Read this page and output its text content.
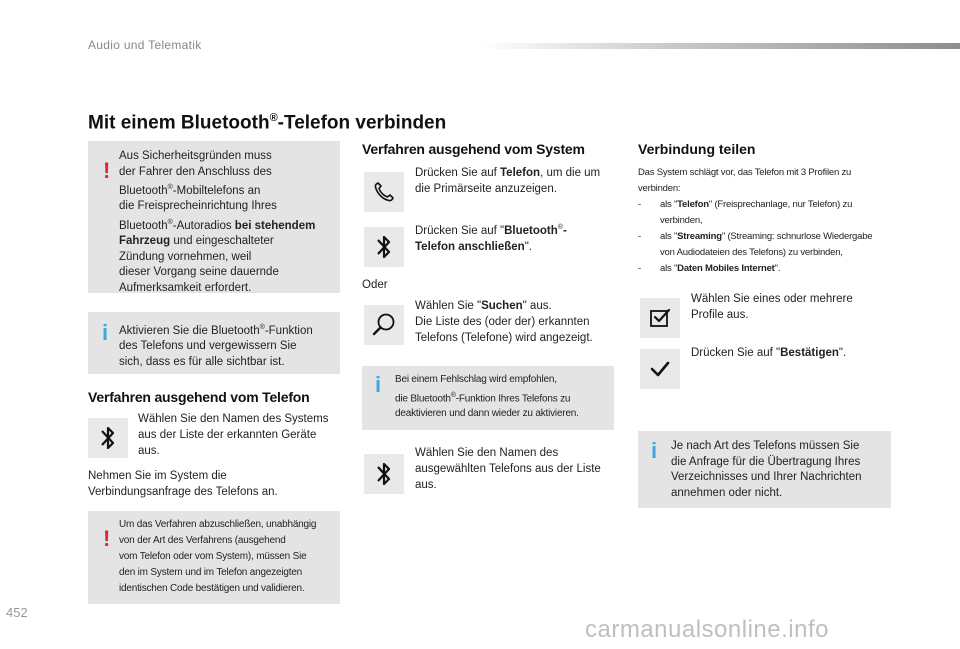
Audio und Telematik
Mit einem Bluetooth®-Telefon verbinden
!
Aus Sicherheitsgründen muss
der Fahrer den Anschluss des
Bluetooth®-Mobiltelefons an
die Freisprecheinrichtung Ihres
Bluetooth®-Autoradios bei stehendem
Fahrzeug und eingeschalteter
Zündung vornehmen, weil
dieser Vorgang seine dauernde
Aufmerksamkeit erfordert.
i Aktivieren Sie die Bluetooth®-Funktion
des Telefons und vergewissern Sie
sich, dass es für alle sichtbar ist.
Verfahren ausgehend vom Telefon
Wählen Sie den Namen des Systems
aus der Liste der erkannten Geräte
aus.
Nehmen Sie im System die
Verbindungsanfrage des Telefons an.
!
Um das Verfahren abzuschließen, unabhängig
von der Art des Verfahrens (ausgehend
vom Telefon oder vom System), müssen Sie
den im System und im Telefon angezeigten
identischen Code bestätigen und validieren.
Verfahren ausgehend vom System
Drücken Sie auf Telefon, um die um
die Primärseite anzuzeigen.
Drücken Sie auf "Bluetooth®-
Telefon anschließen".
Oder
Wählen Sie "Suchen" aus.
Die Liste des (oder der) erkannten
Telefons (Telefone) wird angezeigt.
i Bei einem Fehlschlag wird empfohlen,
die Bluetooth®-Funktion Ihres Telefons zu
deaktivieren und dann wieder zu aktivieren.
Wählen Sie den Namen des
ausgewählten Telefons aus der Liste
aus.
Verbindung teilen
Das System schlägt vor, das Telefon mit 3 Profilen zu
verbinden:
- als "Telefon" (Freisprechanlage, nur Telefon) zu
verbinden,
- als "Streaming" (Streaming: schnurlose Wiedergabe
von Audiodateien des Telefons) zu verbinden,
- als "Daten Mobiles Internet".
Wählen Sie eines oder mehrere
Profile aus.
Drücken Sie auf "Bestätigen".
i Je nach Art des Telefons müssen Sie
die Anfrage für die Übertragung Ihres
Verzeichnisses und Ihrer Nachrichten
annehmen oder nicht.
452
carmanualsonline.info
